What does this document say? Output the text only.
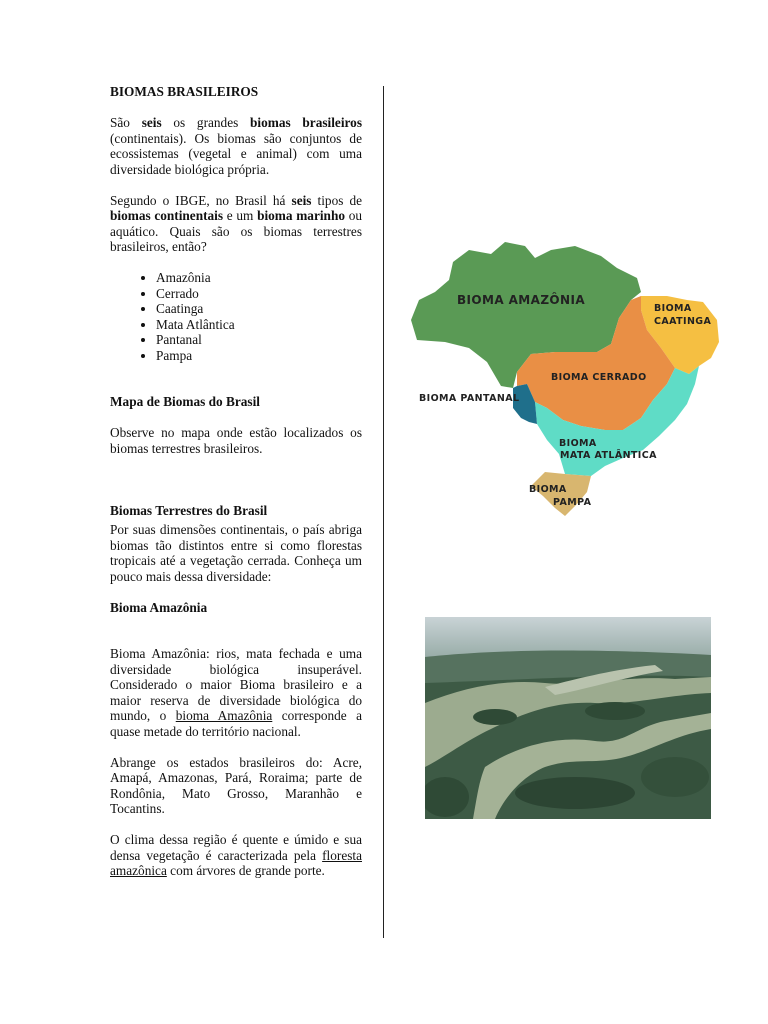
BIOMAS BRASILEIROS

São seis os grandes biomas brasileiros (continentais). Os biomas são conjuntos de ecossistemas (vegetal e animal) com uma diversidade biológica própria.

Segundo o IBGE, no Brasil há seis tipos de biomas continentais e um bioma marinho ou aquático. Quais são os biomas terrestres brasileiros, então?

• Amazônia
• Cerrado
• Caatinga
• Mata Atlântica
• Pantanal
• Pampa

Mapa de Biomas do Brasil

Observe no mapa onde estão localizados os biomas terrestres brasileiros.

Biomas Terrestres do Brasil

Por suas dimensões continentais, o país abriga biomas tão distintos entre si como florestas tropicais até a vegetação cerrada. Conheça um pouco mais dessa diversidade:

Bioma Amazônia

Bioma Amazônia: rios, mata fechada e uma diversidade biológica insuperável. Considerado o maior Bioma brasileiro e a maior reserva de diversidade biológica do mundo, o bioma Amazônia corresponde a quase metade do território nacional.

Abrange os estados brasileiros do: Acre, Amapá, Amazonas, Pará, Roraima; parte de Rondônia, Mato Grosso, Maranhão e Tocantins.

O clima dessa região é quente e úmido e sua densa vegetação é caracterizada pela floresta amazônica com árvores de grande porte.

BIOMA AMAZÔNIA
BIOMA
CAATINGA
BIOMA CERRADO
BIOMA PANTANAL
BIOMA
MATA ATLÂNTICA
BIOMA
PAMPA
